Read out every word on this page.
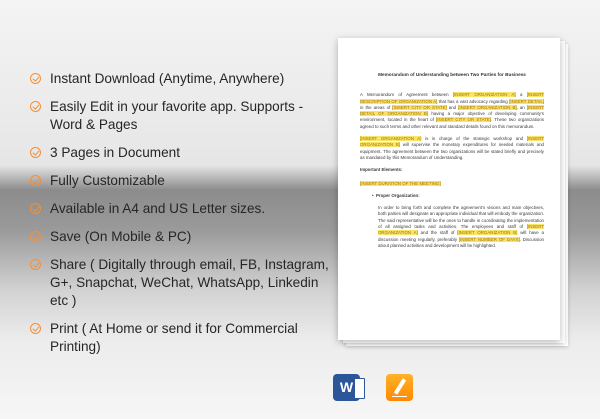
Instant Download (Anytime, Anywhere)
Easily Edit in your favorite app. Supports - Word & Pages
3 Pages in Document
Fully Customizable
Available in A4 and US Letter sizes.
Save (On Mobile & PC)
Share ( Digitally through email, FB, Instagram, G+, Snapchat, WeChat, WhatsApp, Linkedin etc )
Print ( At Home or send it for Commercial Printing)
Memorandum of Understanding between Two Parties for Business

A Memorandum of Agreement between [INSERT ORGANIZATION A] a [INSERT DESCRIPTION OF ORGANIZATION A] that has a vast advocacy regarding [INSERT DETAIL] in the areas of [INSERT CITY OR STATE] and [INSERT ORGANIZATION B], an [INSERT DETAIL OF ORGANIZATION B] having a major objective of developing community’s environment, located in the heart of [INSERT CITY OR STATE]. These two organizations agreed to such terms and other relevant and standard details found on this memorandum.

[INSERT ORGANIZATION A] is in charge of the strategic workshop and [INSERT ORGANIZATION B] will supervise the monetary expenditures for needed materials and equipment. The agreement between the two organizations will be stated briefly and precisely as mandated by this Memorandum of Understanding.

Important Elements:

[INSERT DURATION OF THE MEETING]

•  Proper Organization:

In order to bring forth and complete the agreement’s visions and main objectives, both parties will designate an appropriate individual that will embody the organization. The said representative will be the ones to handle in coordinating the implementation of all assigned tasks and activities. The employees and staff of [INSERT ORGANIZATION A] and the staff of [INSERT ORGANIZATION B] will have a discussion meeting regularly, preferably [INSERT NUMBER OF DAYS]. Discussion about planned activities and development will be highlighted.

W
